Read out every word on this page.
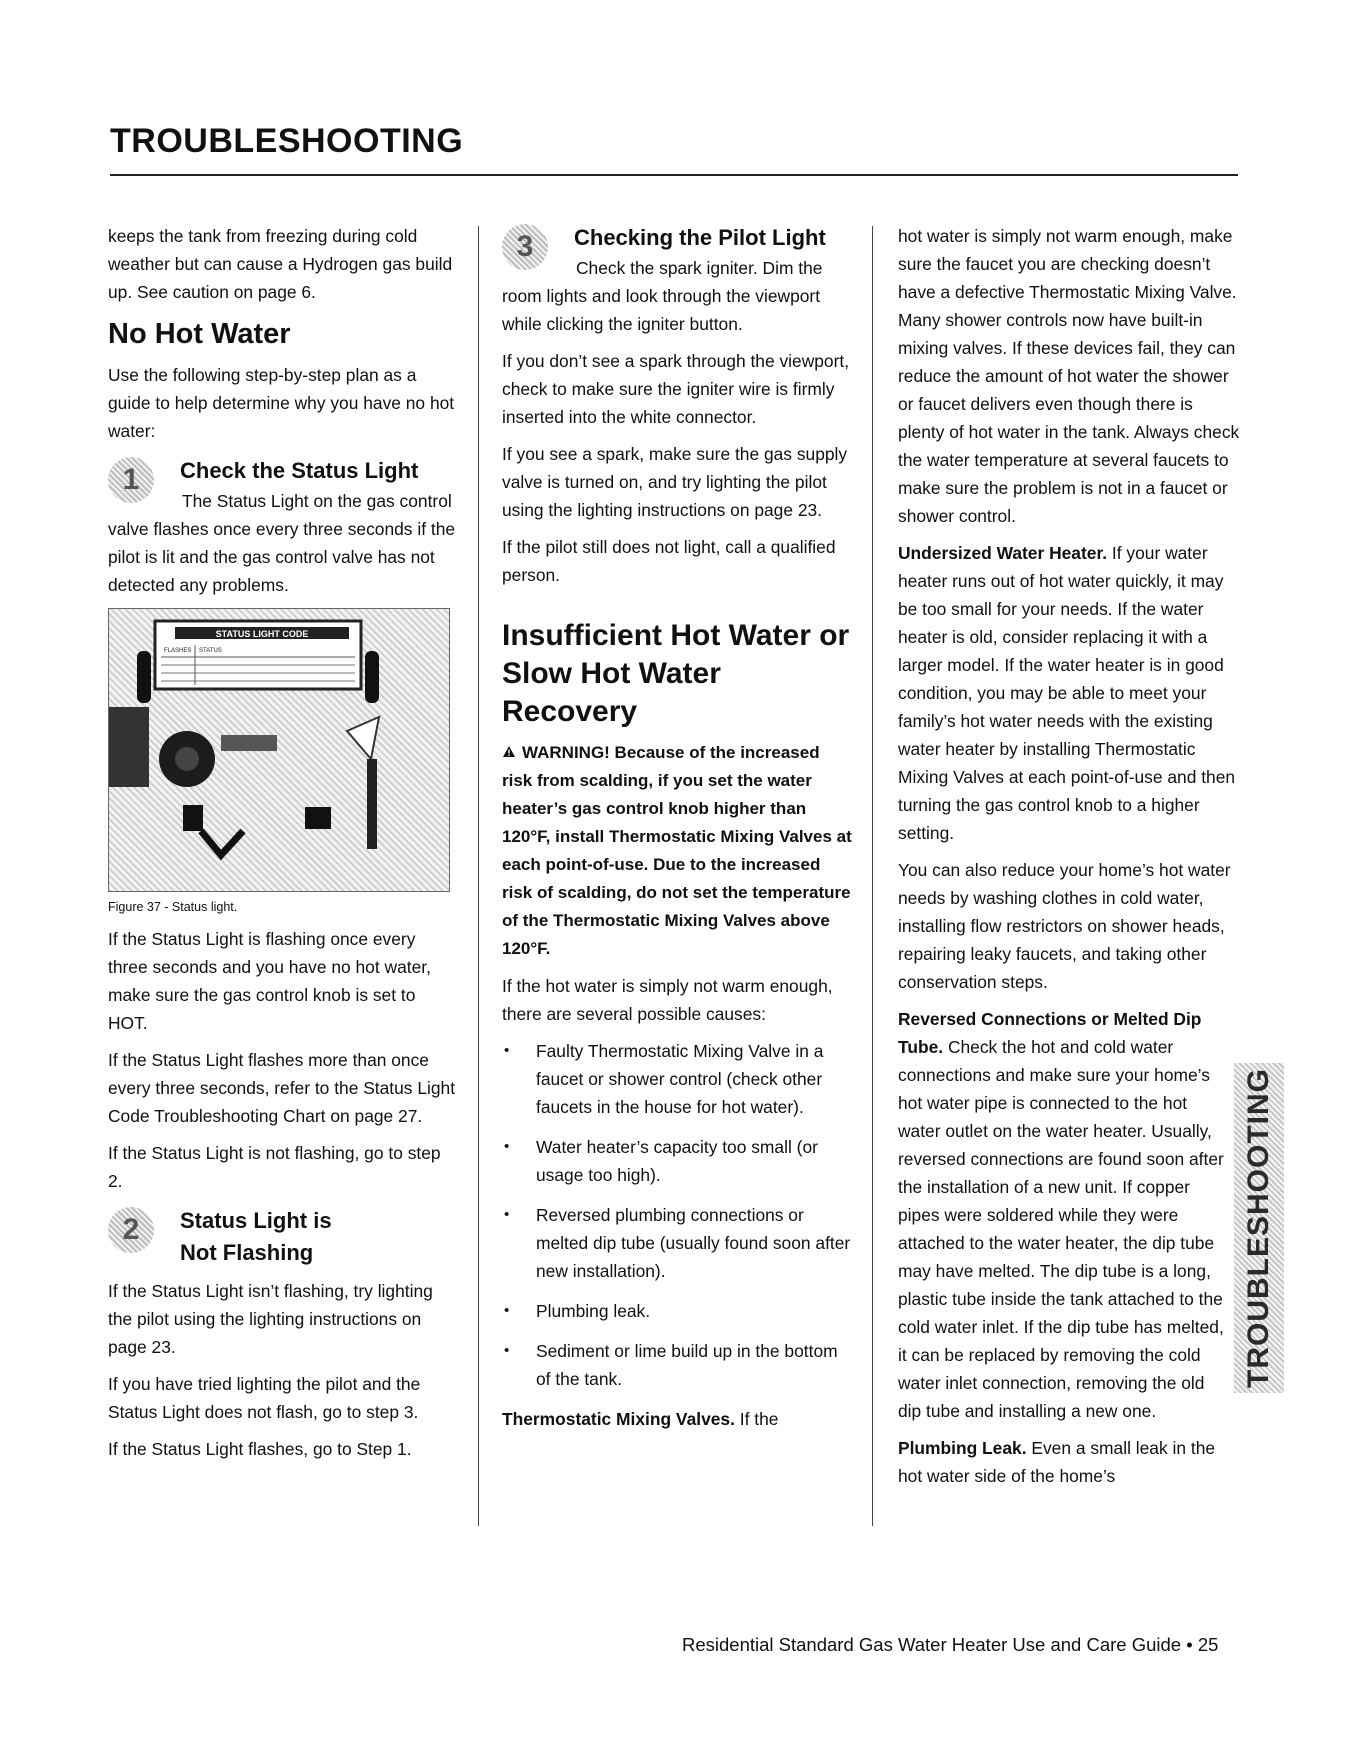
TROUBLESHOOTING

keeps the tank from freezing during cold weather but can cause a Hydrogen gas build up. See caution on page 6.

No Hot Water

Use the following step-by-step plan as a guide to help determine why you have no hot water:

1	Check the Status Light

The Status Light on the gas control valve flashes once every three seconds if the pilot is lit and the gas control valve has not detected any problems.

STATUS LIGHT CODE
FLASHES STATUS

Figure 37 - Status light.

If the Status Light is flashing once every three seconds and you have no hot water, make sure the gas control knob is set to HOT.

If the Status Light flashes more than once every three seconds, refer to the Status Light Code Troubleshooting Chart on page 27.

If the Status Light is not flashing, go to step 2.

2	Status Light is Not Flashing

If the Status Light isn’t flashing, try lighting the pilot using the lighting instructions on page 23.

If you have tried lighting the pilot and the Status Light does not flash, go to step 3.

If the Status Light flashes, go to Step 1.

3	Checking the Pilot Light

Check the spark igniter. Dim the room lights and look through the viewport while clicking the igniter button.

If you don’t see a spark through the viewport, check to make sure the igniter wire is firmly inserted into the white connector.

If you see a spark, make sure the gas supply valve is turned on, and try lighting the pilot using the lighting instructions on page 23.

If the pilot still does not light, call a qualified person.

Insufficient Hot Water or Slow Hot Water Recovery

WARNING! Because of the increased risk from scalding, if you set the water heater’s gas control knob higher than 120°F, install Thermostatic Mixing Valves at each point-of-use. Due to the increased risk of scalding, do not set the temperature of the Thermostatic Mixing Valves above 120°F.

If the hot water is simply not warm enough, there are several possible causes:

• Faulty Thermostatic Mixing Valve in a faucet or shower control (check other faucets in the house for hot water).
• Water heater’s capacity too small (or usage too high).
• Reversed plumbing connections or melted dip tube (usually found soon after new installation).
• Plumbing leak.
• Sediment or lime build up in the bottom of the tank.

Thermostatic Mixing Valves. If the

hot water is simply not warm enough, make sure the faucet you are checking doesn’t have a defective Thermostatic Mixing Valve. Many shower controls now have built-in mixing valves. If these devices fail, they can reduce the amount of hot water the shower or faucet delivers even though there is plenty of hot water in the tank. Always check the water temperature at several faucets to make sure the problem is not in a faucet or shower control.

Undersized Water Heater. If your water heater runs out of hot water quickly, it may be too small for your needs. If the water heater is old, consider replacing it with a larger model. If the water heater is in good condition, you may be able to meet your family’s hot water needs with the existing water heater by installing Thermostatic Mixing Valves at each point-of-use and then turning the gas control knob to a higher setting.

You can also reduce your home’s hot water needs by washing clothes in cold water, installing flow restrictors on shower heads, repairing leaky faucets, and taking other conservation steps.

Reversed Connections or Melted Dip Tube. Check the hot and cold water connections and make sure your home’s hot water pipe is connected to the hot water outlet on the water heater. Usually, reversed connections are found soon after the installation of a new unit. If copper pipes were soldered while they were attached to the water heater, the dip tube may have melted. The dip tube is a long, plastic tube inside the tank attached to the cold water inlet. If the dip tube has melted, it can be replaced by removing the cold water inlet connection, removing the old dip tube and installing a new one.

Plumbing Leak. Even a small leak in the hot water side of the home’s

TROUBLESHOOTING
Residential Standard Gas Water Heater Use and Care Guide • 25
